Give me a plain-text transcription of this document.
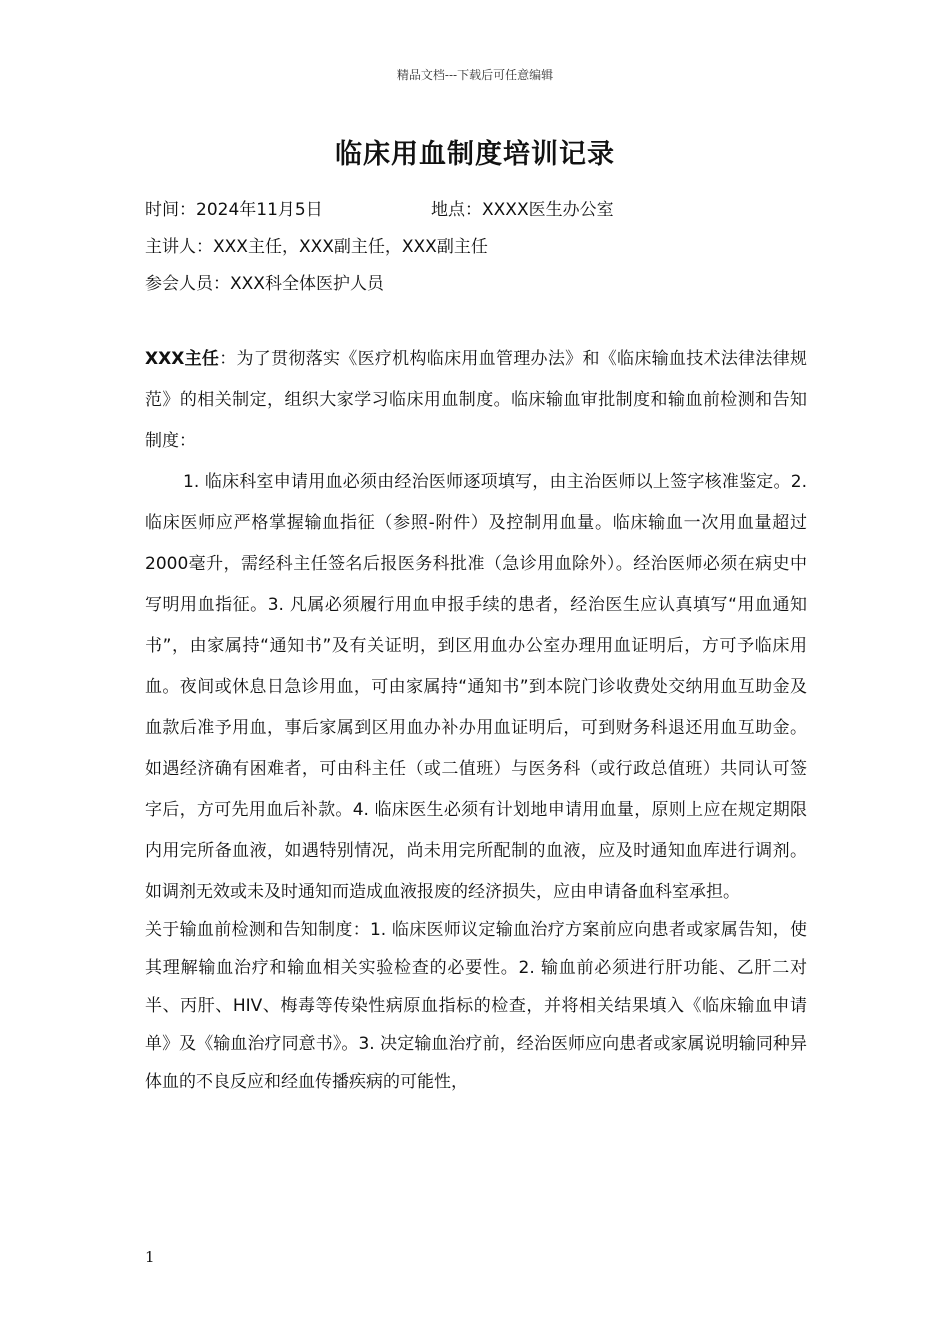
精品文档---下载后可任意编辑
临床用血制度培训记录
时间：2024年11月5日	地点：XXXX医生办公室
主讲人：XXX主任，XXX副主任，XXX副主任
参会人员：XXX科全体医护人员

XXX主任：为了贯彻落实《医疗机构临床用血管理办法》和《临床输血技术法律法律规范》的相关制定，组织大家学习临床用血制度。临床输血审批制度和输血前检测和告知制度：

1. 临床科室申请用血必须由经治医师逐项填写，由主治医师以上签字核准鉴定。2. 临床医师应严格掌握输血指征（参照-附件）及控制用血量。临床输血一次用血量超过2000毫升，需经科主任签名后报医务科批准（急诊用血除外）。经治医师必须在病史中写明用血指征。3. 凡属必须履行用血申报手续的患者，经治医生应认真填写“用血通知书”，由家属持“通知书”及有关证明，到区用血办公室办理用血证明后，方可予临床用血。夜间或休息日急诊用血，可由家属持“通知书”到本院门诊收费处交纳用血互助金及血款后准予用血，事后家属到区用血办补办用血证明后，可到财务科退还用血互助金。如遇经济确有困难者，可由科主任（或二值班）与医务科（或行政总值班）共同认可签字后，方可先用血后补款。4. 临床医生必须有计划地申请用血量，原则上应在规定期限内用完所备血液，如遇特别情况，尚未用完所配制的血液，应及时通知血库进行调剂。如调剂无效或未及时通知而造成血液报废的经济损失，应由申请备血科室承担。

关于输血前检测和告知制度：1. 临床医师议定输血治疗方案前应向患者或家属告知，使其理解输血治疗和输血相关实验检查的必要性。2. 输血前必须进行肝功能、乙肝二对半、丙肝、HIV、梅毒等传染性病原血指标的检查，并将相关结果填入《临床输血申请单》及《输血治疗同意书》。3. 决定输血治疗前，经治医师应向患者或家属说明输同种异体血的不良反应和经血传播疾病的可能性，

1
